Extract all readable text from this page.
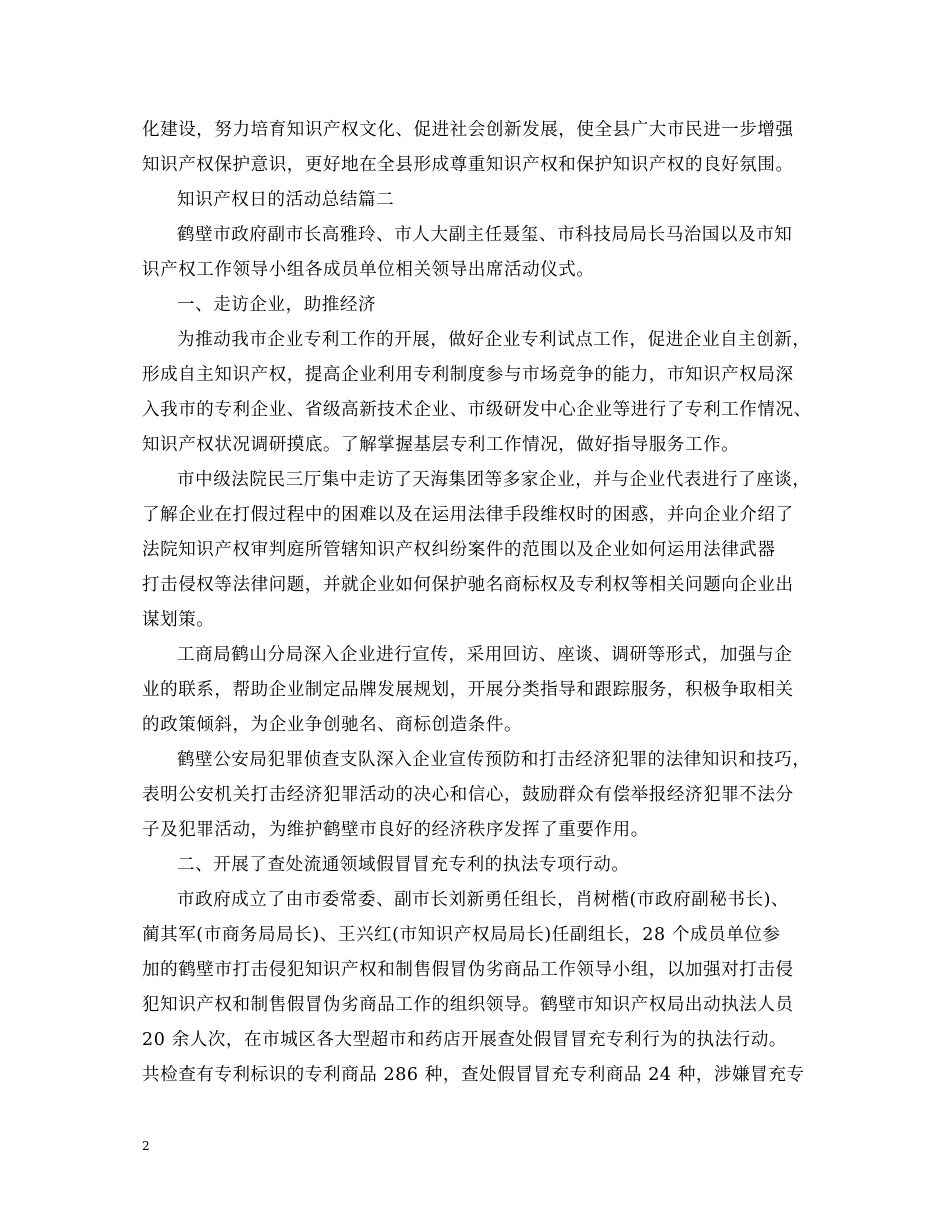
化建设，努力培育知识产权文化、促进社会创新发展，使全县广大市民进一步增强
知识产权保护意识，更好地在全县形成尊重知识产权和保护知识产权的良好氛围。
知识产权日的活动总结篇二
鹤壁市政府副市长高雅玲、市人大副主任聂玺、市科技局局长马治国以及市知
识产权工作领导小组各成员单位相关领导出席活动仪式。
一、走访企业，助推经济
为推动我市企业专利工作的开展，做好企业专利试点工作，促进企业自主创新，
形成自主知识产权，提高企业利用专利制度参与市场竞争的能力，市知识产权局深
入我市的专利企业、省级高新技术企业、市级研发中心企业等进行了专利工作情况、
知识产权状况调研摸底。了解掌握基层专利工作情况，做好指导服务工作。
市中级法院民三厅集中走访了天海集团等多家企业，并与企业代表进行了座谈，
了解企业在打假过程中的困难以及在运用法律手段维权时的困惑，并向企业介绍了
法院知识产权审判庭所管辖知识产权纠纷案件的范围以及企业如何运用法律武器
打击侵权等法律问题，并就企业如何保护驰名商标权及专利权等相关问题向企业出
谋划策。
工商局鹤山分局深入企业进行宣传，采用回访、座谈、调研等形式，加强与企
业的联系，帮助企业制定品牌发展规划，开展分类指导和跟踪服务，积极争取相关
的政策倾斜，为企业争创驰名、商标创造条件。
鹤壁公安局犯罪侦查支队深入企业宣传预防和打击经济犯罪的法律知识和技巧，
表明公安机关打击经济犯罪活动的决心和信心，鼓励群众有偿举报经济犯罪不法分
子及犯罪活动，为维护鹤壁市良好的经济秩序发挥了重要作用。
二、开展了查处流通领域假冒冒充专利的执法专项行动。
市政府成立了由市委常委、副市长刘新勇任组长，肖树楷(市政府副秘书长)、
蔺其军(市商务局局长)、王兴红(市知识产权局局长)任副组长，28 个成员单位参
加的鹤壁市打击侵犯知识产权和制售假冒伪劣商品工作领导小组，以加强对打击侵
犯知识产权和制售假冒伪劣商品工作的组织领导。鹤壁市知识产权局出动执法人员
20 余人次，在市城区各大型超市和药店开展查处假冒冒充专利行为的执法行动。
共检查有专利标识的专利商品 286 种，查处假冒冒充专利商品 24 种，涉嫌冒充专
2
